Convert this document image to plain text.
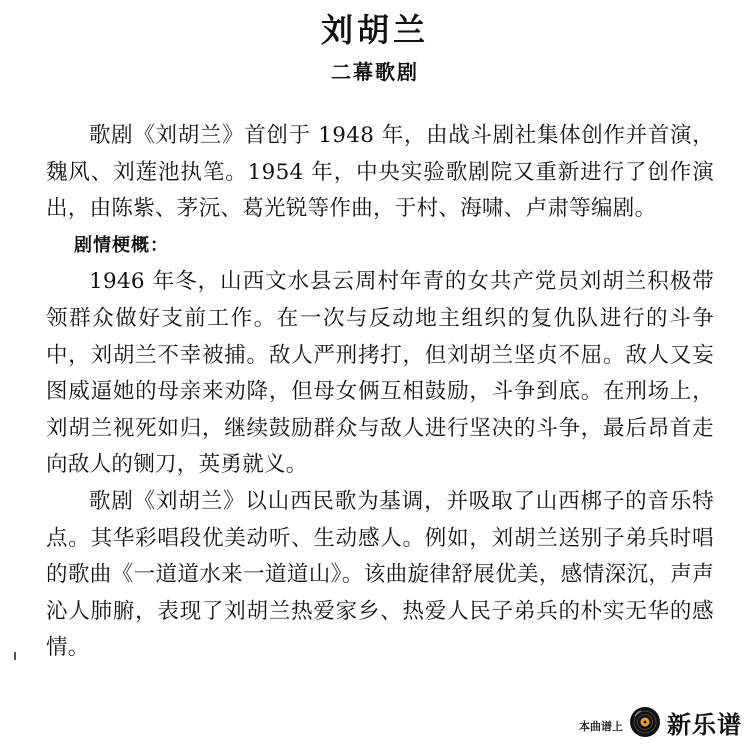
刘胡兰
二幕歌剧

歌剧《刘胡兰》首创于 1948 年，由战斗剧社集体创作并首演，魏风、刘莲池执笔。1954 年，中央实验歌剧院又重新进行了创作演出，由陈紫、茅沅、葛光锐等作曲，于村、海啸、卢肃等编剧。

剧情梗概：

1946 年冬，山西文水县云周村年青的女共产党员刘胡兰积极带领群众做好支前工作。在一次与反动地主组织的复仇队进行的斗争中，刘胡兰不幸被捕。敌人严刑拷打，但刘胡兰坚贞不屈。敌人又妄图威逼她的母亲来劝降，但母女俩互相鼓励，斗争到底。在刑场上，刘胡兰视死如归，继续鼓励群众与敌人进行坚决的斗争，最后昂首走向敌人的铡刀，英勇就义。

歌剧《刘胡兰》以山西民歌为基调，并吸取了山西梆子的音乐特点。其华彩唱段优美动听、生动感人。例如，刘胡兰送别子弟兵时唱的歌曲《一道道水来一道道山》。该曲旋律舒展优美，感情深沉，声声沁人肺腑，表现了刘胡兰热爱家乡、热爱人民子弟兵的朴实无华的感情。

本曲谱上 新乐谱
